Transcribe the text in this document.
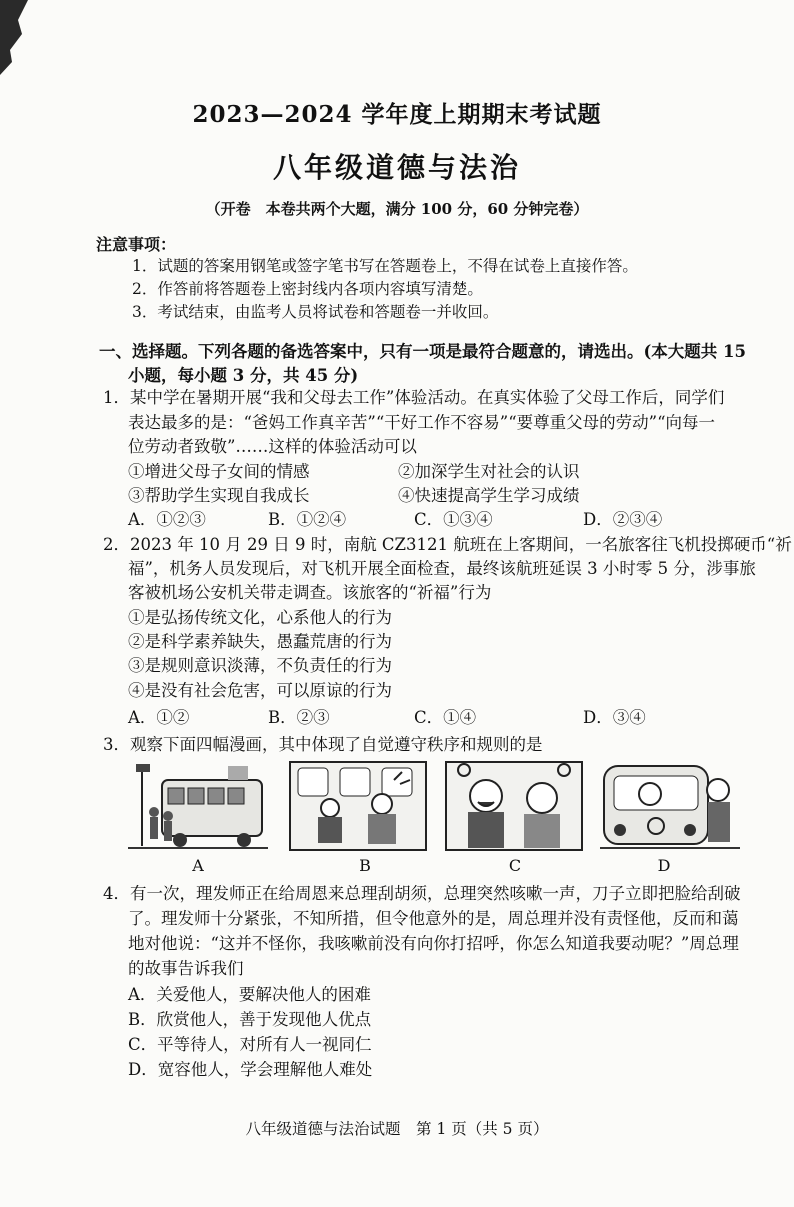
2023—2024 学年度上期期末考试题
八年级道德与法治
（开卷　本卷共两个大题，满分 100 分，60 分钟完卷）
注意事项：
1．试题的答案用钢笔或签字笔书写在答题卷上，不得在试卷上直接作答。
2．作答前将答题卷上密封线内各项内容填写清楚。
3．考试结束，由监考人员将试卷和答题卷一并收回。
一、选择题。下列各题的备选答案中，只有一项是最符合题意的，请选出。(本大题共 15
小题，每小题 3 分，共 45 分)
1．某中学在暑期开展“我和父母去工作”体验活动。在真实体验了父母工作后，同学们
表达最多的是：“爸妈工作真辛苦”“干好工作不容易”“要尊重父母的劳动”“向每一
位劳动者致敬”……这样的体验活动可以
①增进父母子女间的情感	②加深学生对社会的认识
③帮助学生实现自我成长	④快速提高学生学习成绩
A．①②③	B．①②④	C．①③④	D．②③④
2．2023 年 10 月 29 日 9 时，南航 CZ3121 航班在上客期间，一名旅客往飞机投掷硬币“祈
福”，机务人员发现后，对飞机开展全面检查，最终该航班延误 3 小时零 5 分，涉事旅
客被机场公安机关带走调查。该旅客的“祈福”行为
①是弘扬传统文化，心系他人的行为
②是科学素养缺失，愚蠢荒唐的行为
③是规则意识淡薄，不负责任的行为
④是没有社会危害，可以原谅的行为
A．①②	B．②③	C．①④	D．③④
3．观察下面四幅漫画，其中体现了自觉遵守秩序和规则的是
A	B	C	D
4．有一次，理发师正在给周恩来总理刮胡须，总理突然咳嗽一声，刀子立即把脸给刮破
了。理发师十分紧张，不知所措，但令他意外的是，周总理并没有责怪他，反而和蔼
地对他说：“这并不怪你，我咳嗽前没有向你打招呼，你怎么知道我要动呢？”周总理
的故事告诉我们
A．关爱他人，要解决他人的困难
B．欣赏他人，善于发现他人优点
C．平等待人，对所有人一视同仁
D．宽容他人，学会理解他人难处
八年级道德与法治试题　第 1 页（共 5 页）
